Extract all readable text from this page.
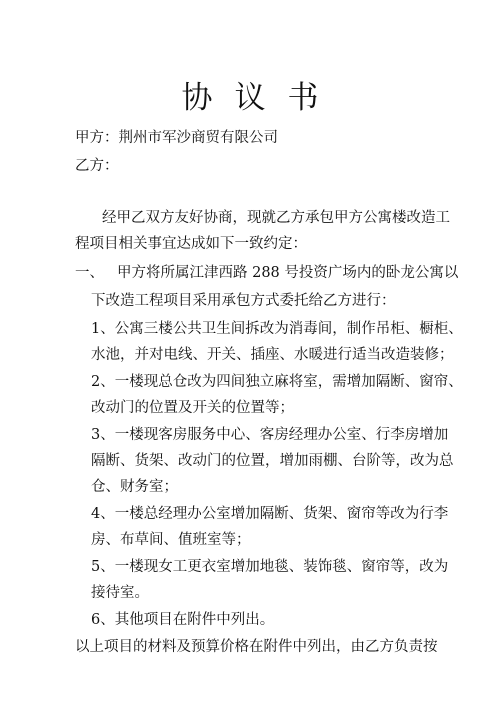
协议书
甲方：荆州市军沙商贸有限公司
乙方：
经甲乙双方友好协商，现就乙方承包甲方公寓楼改造工
程项目相关事宜达成如下一致约定：
一、 甲方将所属江津西路 288 号投资广场内的卧龙公寓以
下改造工程项目采用承包方式委托给乙方进行：
1、公寓三楼公共卫生间拆改为消毒间，制作吊柜、橱柜、
水池，并对电线、开关、插座、水暖进行适当改造装修；
2、一楼现总仓改为四间独立麻将室，需增加隔断、窗帘、
改动门的位置及开关的位置等；
3、一楼现客房服务中心、客房经理办公室、行李房增加
隔断、货架、改动门的位置，增加雨棚、台阶等，改为总
仓、财务室；
4、一楼总经理办公室增加隔断、货架、窗帘等改为行李
房、布草间、值班室等；
5、一楼现女工更衣室增加地毯、装饰毯、窗帘等，改为
接待室。
6、其他项目在附件中列出。
以上项目的材料及预算价格在附件中列出，由乙方负责按
